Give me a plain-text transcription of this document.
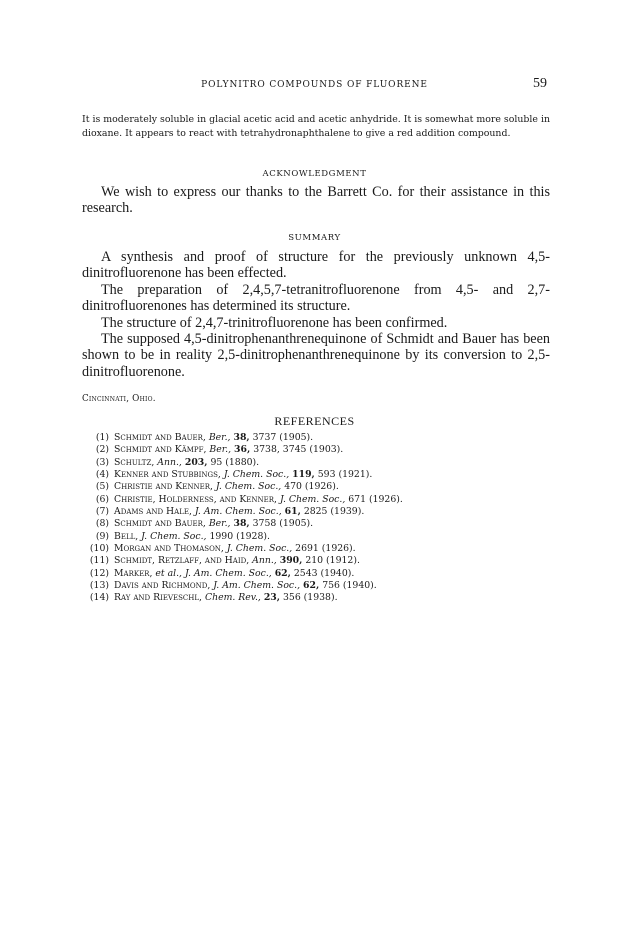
POLYNITRO COMPOUNDS OF FLUORENE	59
It is moderately soluble in glacial acetic acid and acetic anhydride. It is somewhat more soluble in dioxane. It appears to react with tetrahydronaphthalene to give a red addition compound.
ACKNOWLEDGMENT

We wish to express our thanks to the Barrett Co. for their assistance in this research.

SUMMARY

A synthesis and proof of structure for the previously unknown 4,5-dinitrofluorenone has been effected.

The preparation of 2,4,5,7-tetranitrofluorenone from 4,5- and 2,7-dinitrofluorenones has determined its structure.

The structure of 2,4,7-trinitrofluorenone has been confirmed.

The supposed 4,5-dinitrophenanthrenequinone of Schmidt and Bauer has been shown to be in reality 2,5-dinitrophenanthrenequinone by its conversion to 2,5-dinitrofluorenone.

Cincinnati, Ohio.
REFERENCES
(1) Schmidt and Bauer, Ber., 38, 3737 (1905).
(2) Schmidt and Kämpf, Ber., 36, 3738, 3745 (1903).
(3) Schultz, Ann., 203, 95 (1880).
(4) Kenner and Stubbings, J. Chem. Soc., 119, 593 (1921).
(5) Christie and Kenner, J. Chem. Soc., 470 (1926).
(6) Christie, Holderness, and Kenner, J. Chem. Soc., 671 (1926).
(7) Adams and Hale, J. Am. Chem. Soc., 61, 2825 (1939).
(8) Schmidt and Bauer, Ber., 38, 3758 (1905).
(9) Bell, J. Chem. Soc., 1990 (1928).
(10) Morgan and Thomason, J. Chem. Soc., 2691 (1926).
(11) Schmidt, Retzlaff, and Haid, Ann., 390, 210 (1912).
(12) Marker, et al., J. Am. Chem. Soc., 62, 2543 (1940).
(13) Davis and Richmond, J. Am. Chem. Soc., 62, 756 (1940).
(14) Ray and Rieveschl, Chem. Rev., 23, 356 (1938).
